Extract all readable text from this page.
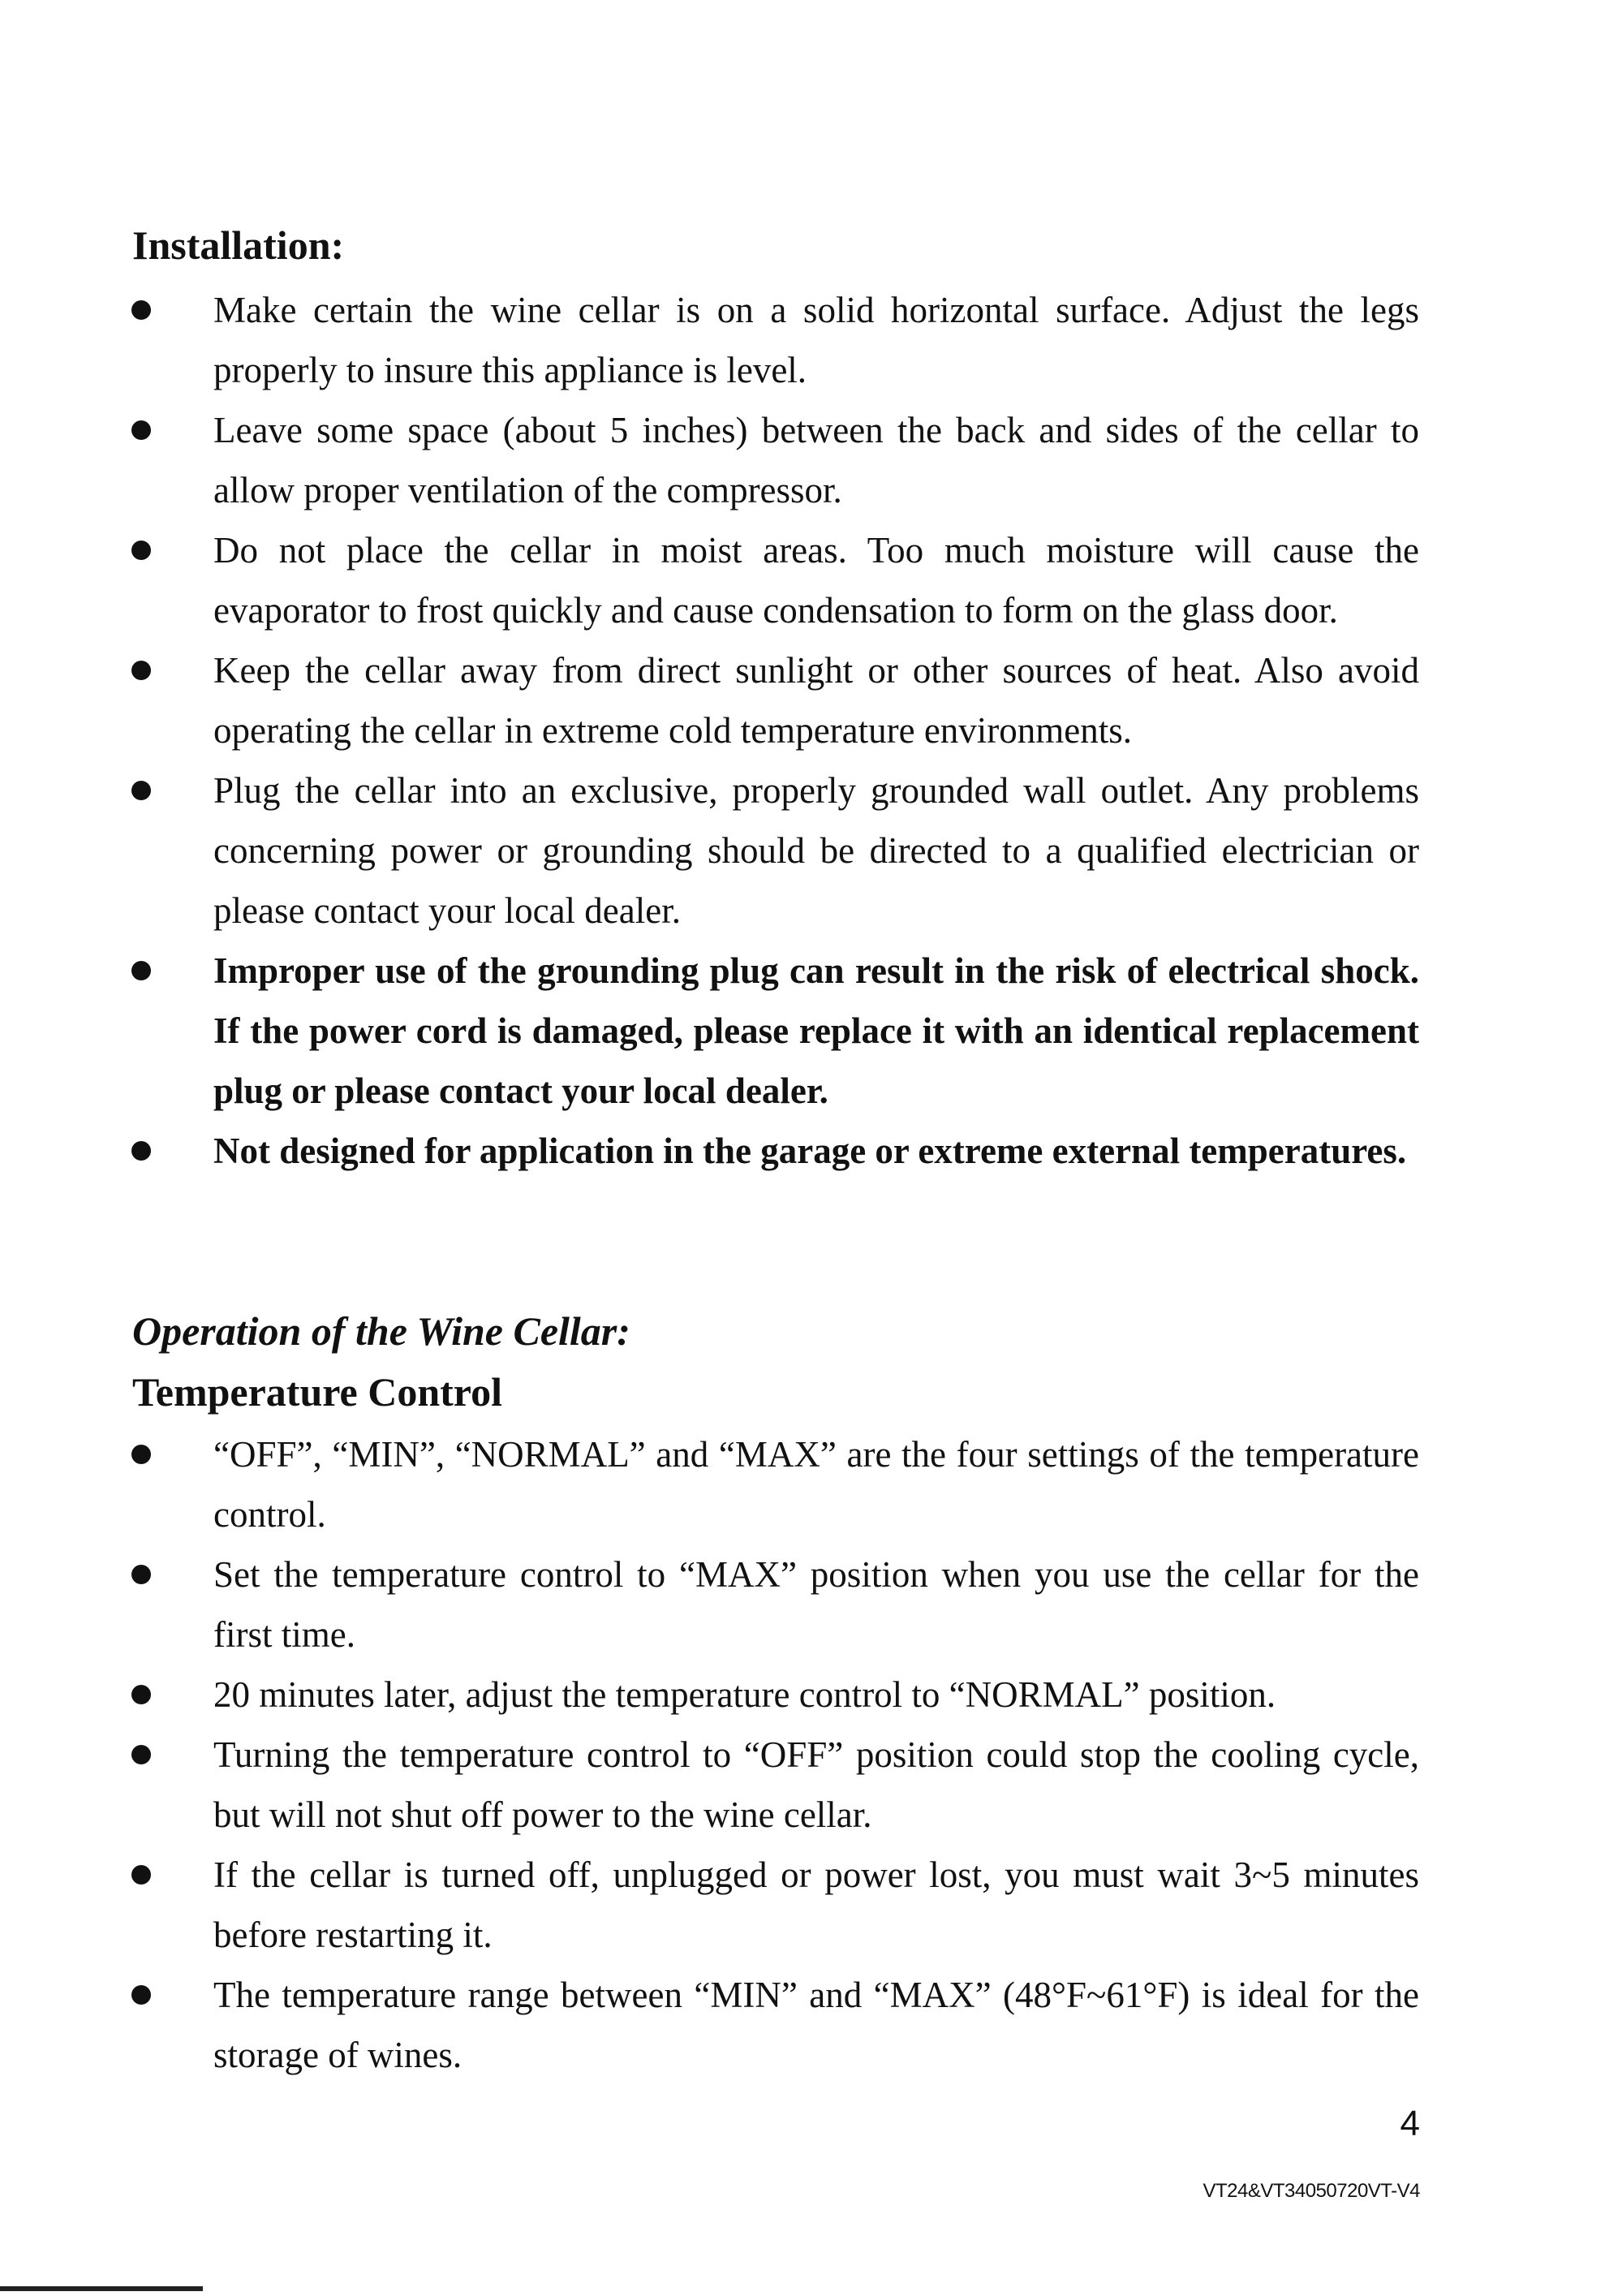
Installation:
Make certain the wine cellar is on a solid horizontal surface. Adjust the legs properly to insure this appliance is level.
Leave some space (about 5 inches) between the back and sides of the cellar to allow proper ventilation of the compressor.
Do not place the cellar in moist areas. Too much moisture will cause the evaporator to frost quickly and cause condensation to form on the glass door.
Keep the cellar away from direct sunlight or other sources of heat. Also avoid operating the cellar in extreme cold temperature environments.
Plug the cellar into an exclusive, properly grounded wall outlet. Any problems concerning power or grounding should be directed to a qualified electrician or please contact your local dealer.
Improper use of the grounding plug can result in the risk of electrical shock. If the power cord is damaged, please replace it with an identical replacement plug or please contact your local dealer.
Not designed for application in the garage or extreme external temperatures.
Operation of the Wine Cellar:
Temperature Control
“OFF”, “MIN”, “NORMAL” and “MAX” are the four settings of the temperature control.
Set the temperature control to “MAX” position when you use the cellar for the first time.
20 minutes later, adjust the temperature control to “NORMAL” position.
Turning the temperature control to “OFF” position could stop the cooling cycle, but will not shut off power to the wine cellar.
If the cellar is turned off, unplugged or power lost, you must wait 3~5 minutes before restarting it.
The temperature range between “MIN” and “MAX” (48°F~61°F) is ideal for the storage of wines.
4
VT24&VT34050720VT-V4
